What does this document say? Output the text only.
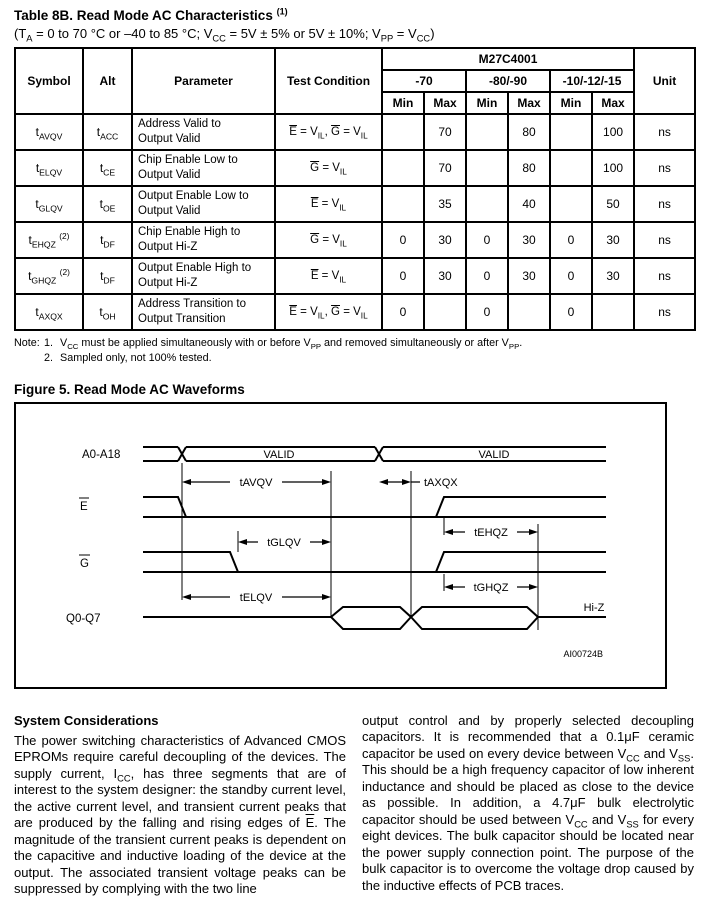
Table 8B. Read Mode AC Characteristics $^{(1)}$
($T_A = 0$ to 70 °C or –40 to 85 °C; $V_{CC} = 5V \pm 5\%$ or 5V ± 10%; $V_{PP} = V_{CC}$)
Symbol	Alt	Parameter	Test Condition	M27C4001						Unit
				-70		-80/-90		-10/-12/-15		
				Min	Max	Min	Max	Min	Max	
$t_{AVQV}$	$t_{ACC}$	Address Valid to Output Valid	$\overline{E} = V_{IL}$, $\overline{G} = V_{IL}$		70		80		100	ns
$t_{ELQV}$	$t_{CE}$	Chip Enable Low to Output Valid	$\overline{G} = V_{IL}$		70		80		100	ns
$t_{GLQV}$	$t_{OE}$	Output Enable Low to Output Valid	$\overline{E} = V_{IL}$		35		40		50	ns
$t_{EHQZ}$ $^{(2)}$	$t_{DF}$	Chip Enable High to Output Hi-Z	$\overline{G} = V_{IL}$	0	30	0	30	0	30	ns
$t_{GHQZ}$ $^{(2)}$	$t_{DF}$	Output Enable High to Output Hi-Z	$\overline{E} = V_{IL}$	0	30	0	30	0	30	ns
$t_{AXQX}$	$t_{OH}$	Address Transition to Output Transition	$\overline{E} = V_{IL}$, $\overline{G} = V_{IL}$	0		0		0		ns
Note: 1. $V_{CC}$ must be applied simultaneously with or before $V_{PP}$ and removed simultaneously or after $V_{PP}$.
2. Sampled only, not 100% tested.
Figure 5. Read Mode AC Waveforms
A0-A18
E
G
Q0-Q7
VALID	VALID
Hi-Z
tAVQV	tAXQX
tEHQZ
tGLQV
tGHQZ
tELQV
AI00724B
System Considerations

The power switching characteristics of Advanced CMOS EPROMs require careful decoupling of the devices. The supply current, $I_{CC}$, has three segments that are of interest to the system designer: the standby current level, the active current level, and transient current peaks that are produced by the falling and rising edges of $\overline{E}$. The magnitude of the transient current peaks is dependent on the capacitive and inductive loading of the device at the output. The associated transient voltage peaks can be suppressed by complying with the two line

output control and by properly selected decoupling capacitors. It is recommended that a 0.1μF ceramic capacitor be used on every device between $V_{CC}$ and $V_{SS}$. This should be a high frequency capacitor of low inherent inductance and should be placed as close to the device as possible. In addition, a 4.7μF bulk electrolytic capacitor should be used between $V_{CC}$ and $V_{SS}$ for every eight devices. The bulk capacitor should be located near the power supply connection point. The purpose of the bulk capacitor is to overcome the voltage drop caused by the inductive effects of PCB traces.
